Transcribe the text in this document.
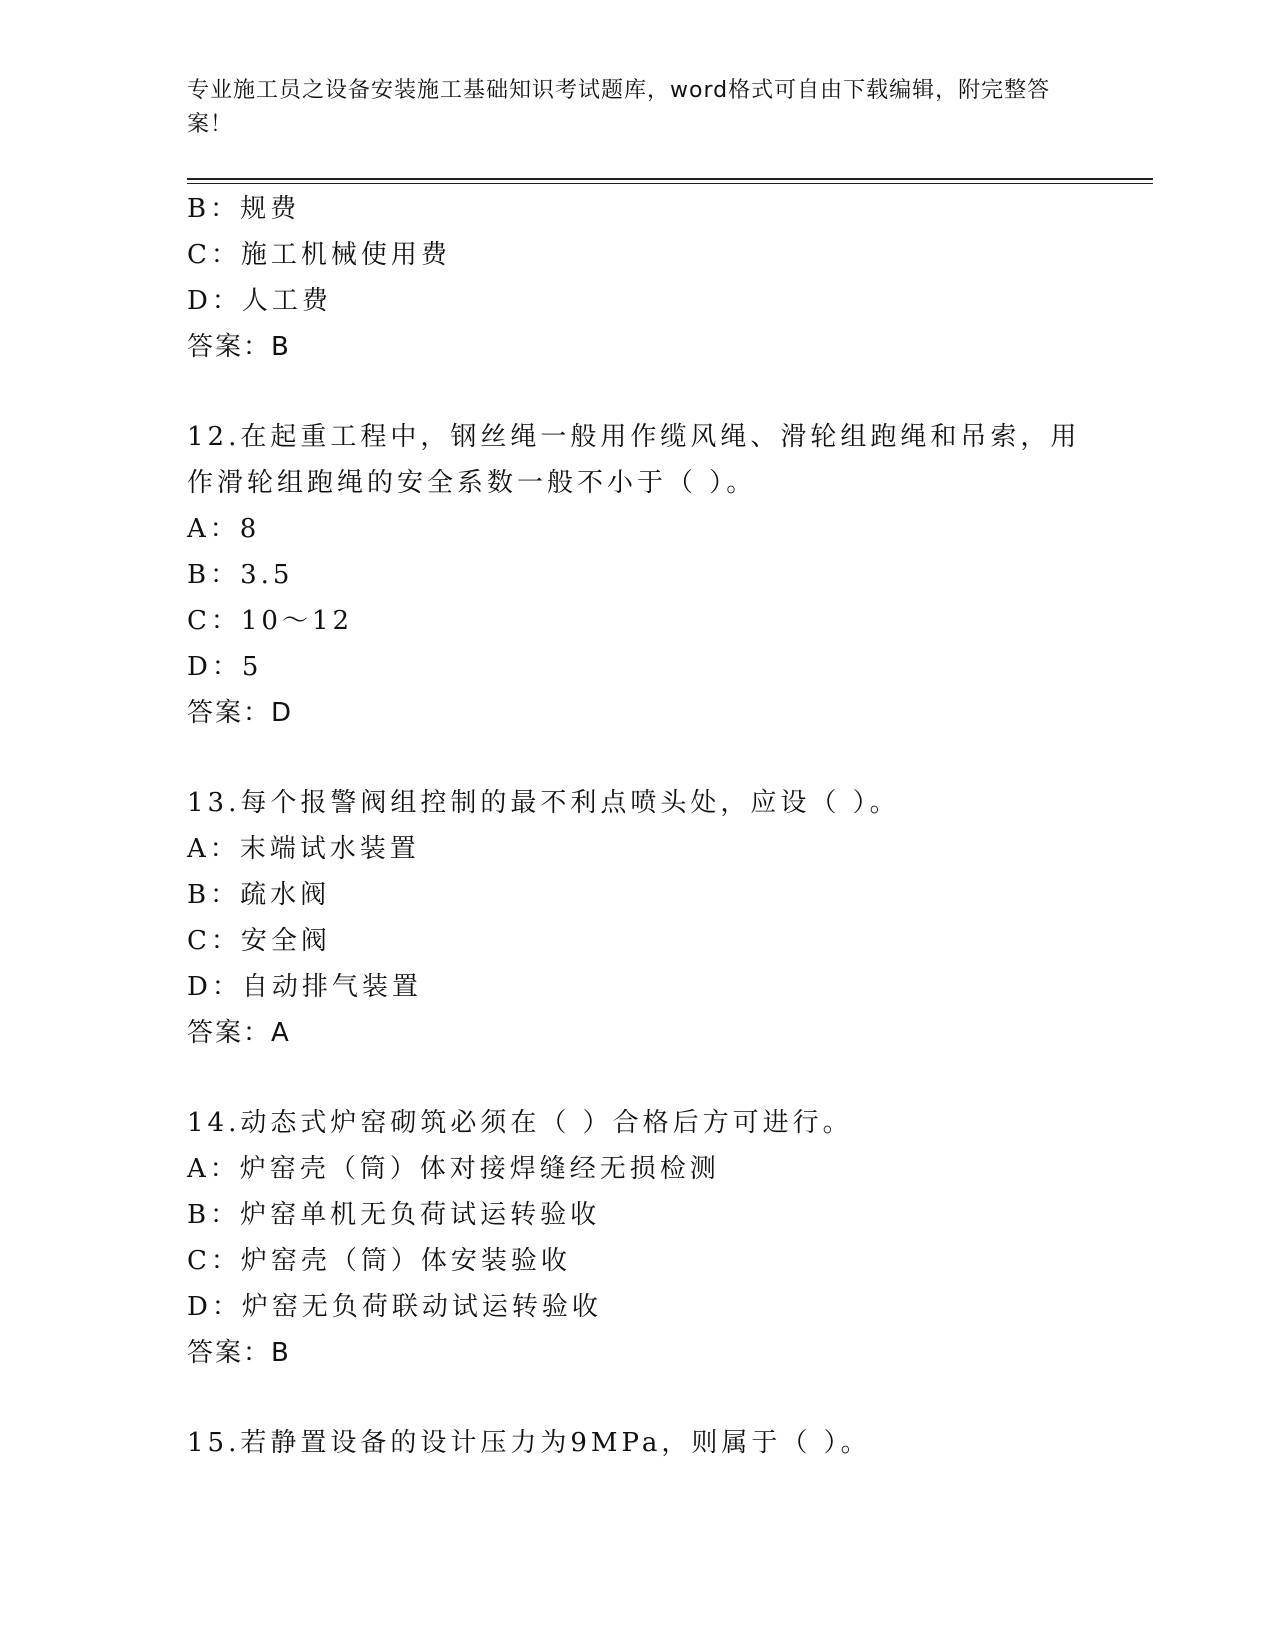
专业施工员之设备安装施工基础知识考试题库，word格式可自由下载编辑，附完整答案！
B：规费
C：施工机械使用费
D：人工费
答案：B
12.在起重工程中，钢丝绳一般用作缆风绳、滑轮组跑绳和吊索，用作滑轮组跑绳的安全系数一般不小于（ ）。
A：8
B：3.5
C：10～12
D：5
答案：D
13.每个报警阀组控制的最不利点喷头处，应设（ ）。
A：末端试水装置
B：疏水阀
C：安全阀
D：自动排气装置
答案：A
14.动态式炉窑砌筑必须在（ ）合格后方可进行。
A：炉窑壳（筒）体对接焊缝经无损检测
B：炉窑单机无负荷试运转验收
C：炉窑壳（筒）体安装验收
D：炉窑无负荷联动试运转验收
答案：B
15.若静置设备的设计压力为9MPa，则属于（ ）。
